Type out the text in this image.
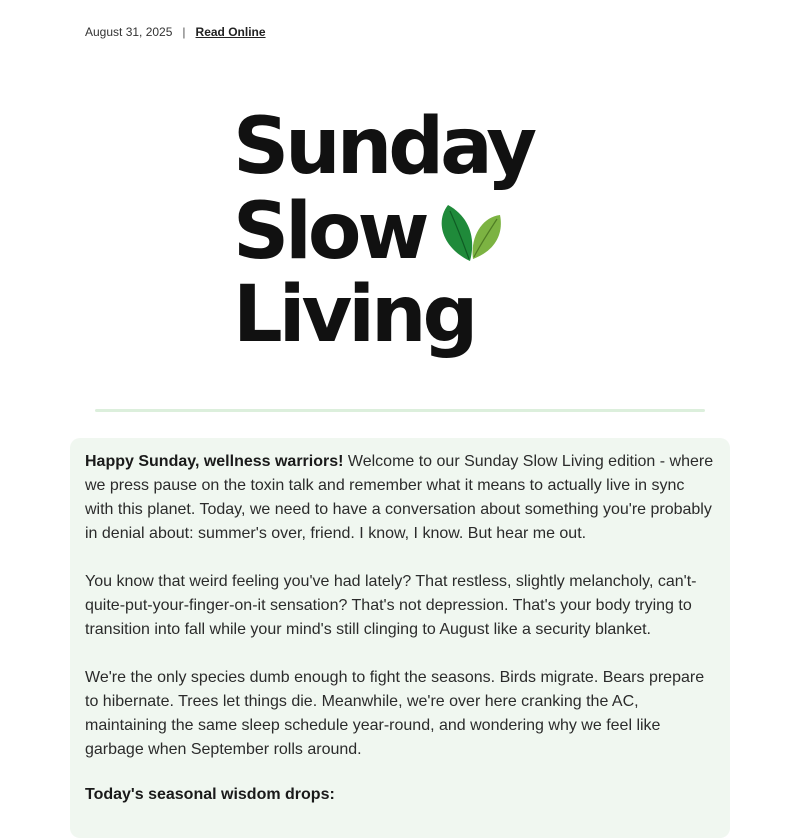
August 31, 2025 | Read Online
Sunday
Slow
Living

Happy Sunday, wellness warriors! Welcome to our Sunday Slow Living edition - where we press pause on the toxin talk and remember what it means to actually live in sync with this planet. Today, we need to have a conversation about something you're probably in denial about: summer's over, friend. I know, I know. But hear me out.

You know that weird feeling you've had lately? That restless, slightly melancholy, can't-quite-put-your-finger-on-it sensation? That's not depression. That's your body trying to transition into fall while your mind's still clinging to August like a security blanket.

We're the only species dumb enough to fight the seasons. Birds migrate. Bears prepare to hibernate. Trees let things die. Meanwhile, we're over here cranking the AC, maintaining the same sleep schedule year-round, and wondering why we feel like garbage when September rolls around.

Today's seasonal wisdom drops:
